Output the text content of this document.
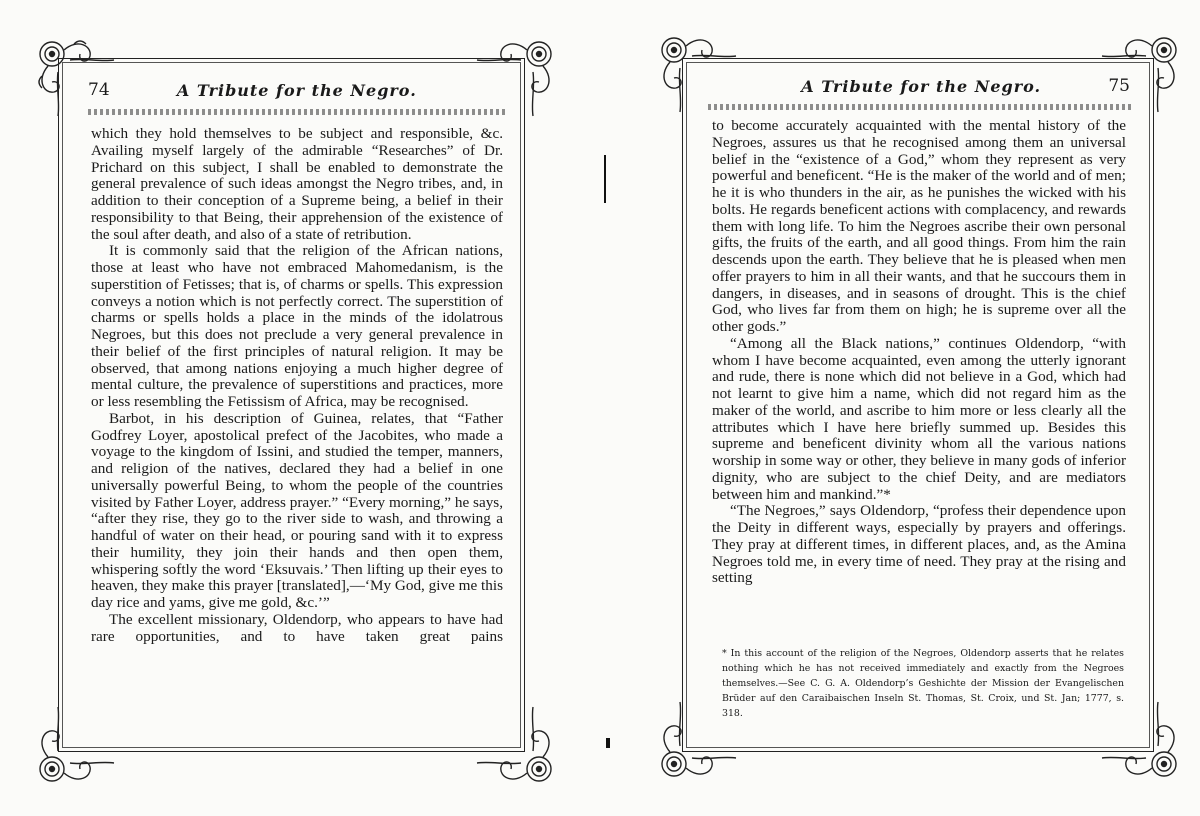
74	A Tribute for the Negro.

which they hold themselves to be subject and responsible, &c. Availing myself largely of the admirable “Researches” of Dr. Prichard on this subject, I shall be enabled to demonstrate the general prevalence of such ideas amongst the Negro tribes, and, in addition to their conception of a Supreme being, a belief in their responsibility to that Being, their apprehension of the existence of the soul after death, and also of a state of retribution.

It is commonly said that the religion of the African nations, those at least who have not embraced Mahomedanism, is the superstition of Fetisses; that is, of charms or spells. This expression conveys a notion which is not perfectly correct. The superstition of charms or spells holds a place in the minds of the idolatrous Negroes, but this does not preclude a very general prevalence in their belief of the first principles of natural religion. It may be observed, that among nations enjoying a much higher degree of mental culture, the prevalence of superstitions and practices, more or less resembling the Fetissism of Africa, may be recognised.

Barbot, in his description of Guinea, relates, that “Father Godfrey Loyer, apostolical prefect of the Jacobites, who made a voyage to the kingdom of Issini, and studied the temper, manners, and religion of the natives, declared they had a belief in one universally powerful Being, to whom the people of the countries visited by Father Loyer, address prayer.” “Every morning,” he says, “after they rise, they go to the river side to wash, and throwing a handful of water on their head, or pouring sand with it to express their humility, they join their hands and then open them, whispering softly the word ‘Eksuvais.’ Then lifting up their eyes to heaven, they make this prayer [translated],—‘My God, give me this day rice and yams, give me gold, &c.’”

The excellent missionary, Oldendorp, who appears to have had rare opportunities, and to have taken great pains

A Tribute for the Negro.	75

to become accurately acquainted with the mental history of the Negroes, assures us that he recognised among them an universal belief in the “existence of a God,” whom they represent as very powerful and beneficent. “He is the maker of the world and of men; he it is who thunders in the air, as he punishes the wicked with his bolts. He regards beneficent actions with complacency, and rewards them with long life. To him the Negroes ascribe their own personal gifts, the fruits of the earth, and all good things. From him the rain descends upon the earth. They believe that he is pleased when men offer prayers to him in all their wants, and that he succours them in dangers, in diseases, and in seasons of drought. This is the chief God, who lives far from them on high; he is supreme over all the other gods.”

“Among all the Black nations,” continues Oldendorp, “with whom I have become acquainted, even among the utterly ignorant and rude, there is none which did not believe in a God, which had not learnt to give him a name, which did not regard him as the maker of the world, and ascribe to him more or less clearly all the attributes which I have here briefly summed up. Besides this supreme and beneficent divinity whom all the various nations worship in some way or other, they believe in many gods of inferior dignity, who are subject to the chief Deity, and are mediators between him and mankind.”*

“The Negroes,” says Oldendorp, “profess their dependence upon the Deity in different ways, especially by prayers and offerings. They pray at different times, in different places, and, as the Amina Negroes told me, in every time of need. They pray at the rising and setting

* In this account of the religion of the Negroes, Oldendorp asserts that he relates nothing which he has not received immediately and exactly from the Negroes themselves.—See C. G. A. Oldendorp’s Geshichte der Mission der Evangelischen Brüder auf den Caraibaischen Inseln St. Thomas, St. Croix, und St. Jan; 1777, s. 318.
